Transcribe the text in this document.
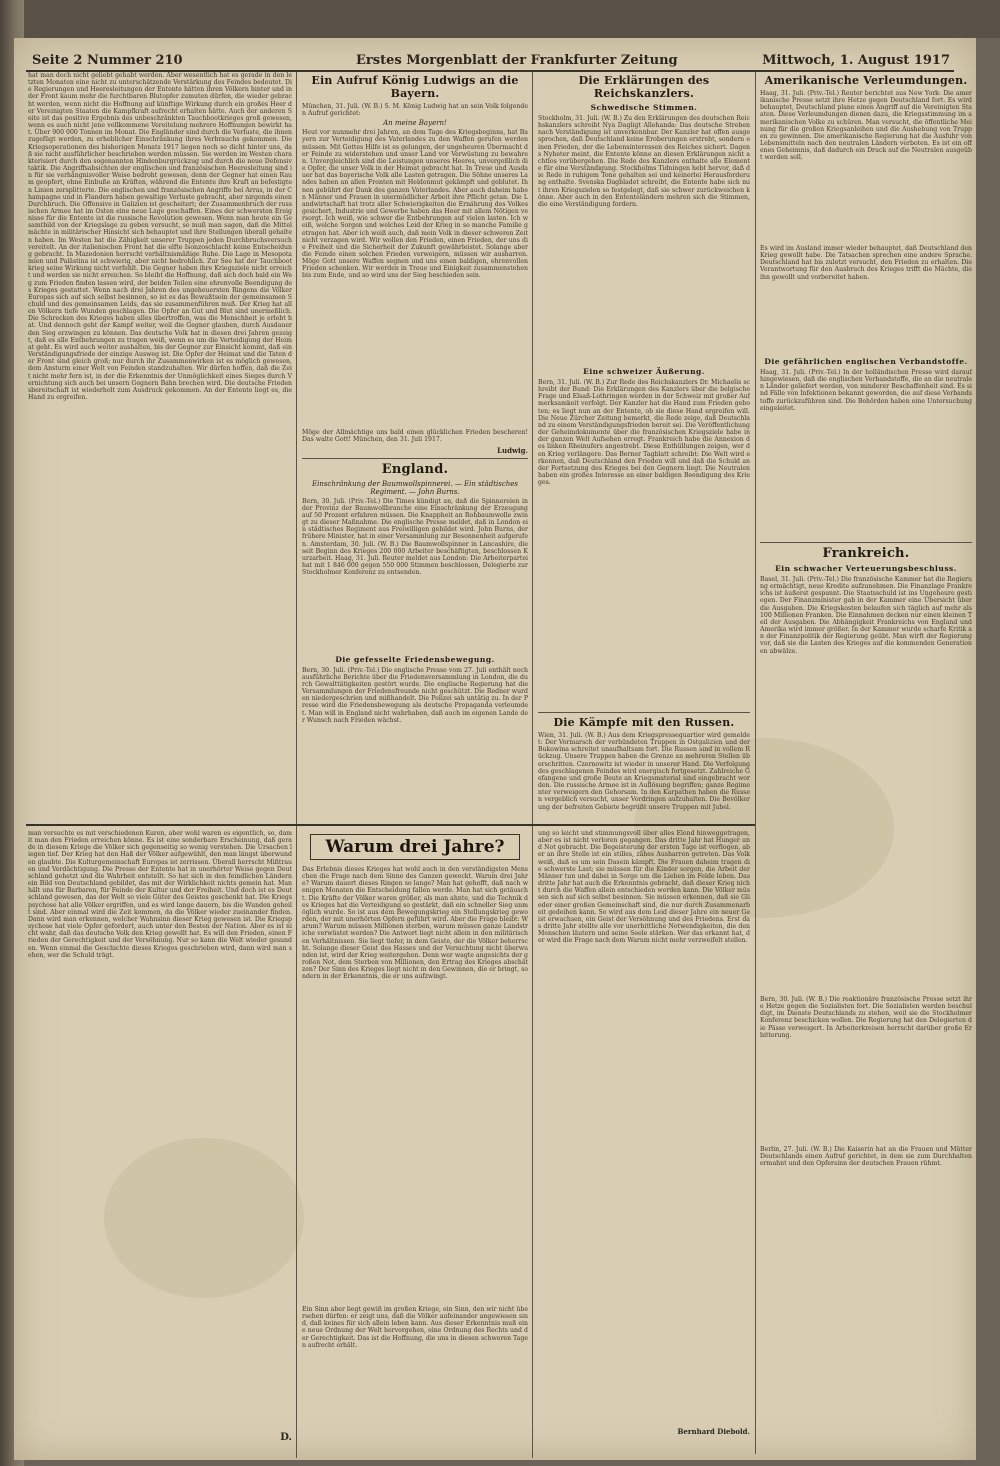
Seite 2 Nummer 210	Erstes Morgenblatt der Frankfurter Zeitung	Mittwoch, 1. August 1917

hat man doch nicht geliebt gehabt werden. Aber wesentlich hat es gerade in den letzten Monaten eine nicht zu unterschätzende Verstärkung des Feindes bedeutet. Die Regierungen und Heeresleitungen der Entente hätten ihren Völkern hinter und in der Front kaum mehr die furchtbaren Blutopfer zumuten dürfen, die wieder gebracht werden, wenn nicht die Hoffnung auf künftige Wirkung durch ein großes Heer der Vereinigten Staaten die Kampfkraft aufrecht erhalten hätte. Auch der anderen Seite ist das positive Ergebnis des unbeschränkten Tauchbootkrieges groß gewesen, wenn es auch nicht jene vollkommene Vereitelung mehrere Hoffnungen bewirkt hat. Über 900 000 Tonnen im Monat. Die Engländer sind durch die Verluste, die ihnen zugefügt werden, zu erheblicher Einschränkung ihres Verbrauchs gekommen. Die Kriegsoperationen des bisherigen Monats 1917 liegen noch so dicht hinter uns, daß sie nicht ausführlicher beschrieben werden müssen. Sie werden im Westen charakterisiert durch den sogenannten Hindenburgrückzug und durch die neue Defensivtaktik. Die Angriffsabsichten der englischen und französischen Heeresleitung sind in für sie verhängnisvoller Weise bedroht gewesen, denn der Gegner hat einen Raum geopfert, ohne Einbuße an Kräften, während die Entente ihre Kraft an befestigten Linien zersplitterte. Die englischen und französischen Angriffe bei Arras, in der Champagne und in Flandern haben gewaltige Verluste gebracht, aber nirgends einen Durchbruch. Die Offensive in Galizien ist gescheitert; der Zusammenbruch der russischen Armee hat im Osten eine neue Lage geschaffen. Eines der schwersten Ereignisse für die Entente ist die russische Revolution gewesen. Wenn man heute ein Gesamtbild von der Kriegslage zu geben versucht, so muß man sagen, daß die Mittelmächte in militärischer Hinsicht sich behauptet und ihre Stellungen überall gehalten haben. Im Westen hat die Zähigkeit unserer Truppen jeden Durchbruchsversuch vereitelt. An der italienischen Front hat die elfte Isonzoschlacht keine Entscheidung gebracht. In Mazedonien herrscht verhältnismäßige Ruhe. Die Lage in Mesopotamien und Palästina ist schwierig, aber nicht bedrohlich. Zur See hat der Tauchbootkrieg seine Wirkung nicht verfehlt. Die Gegner haben ihre Kriegsziele nicht erreicht und werden sie nicht erreichen. So bleibt die Hoffnung, daß sich doch bald ein Weg zum Frieden finden lassen wird, der beiden Teilen eine ehrenvolle Beendigung des Krieges gestattet. Wenn nach drei Jahren des ungeheuersten Ringens die Völker Europas sich auf sich selbst besinnen, so ist es das Bewußtsein der gemeinsamen Schuld und des gemeinsamen Leids, das sie zusammenführen muß. Der Krieg hat allen Völkern tiefe Wunden geschlagen. Die Opfer an Gut und Blut sind unermeßlich. Die Schrecken des Krieges haben alles übertroffen, was die Menschheit je erlebt hat. Und dennoch geht der Kampf weiter, weil die Gegner glauben, durch Ausdauer den Sieg erzwingen zu können. Das deutsche Volk hat in diesen drei Jahren gezeigt, daß es alle Entbehrungen zu tragen weiß, wenn es um die Verteidigung der Heimat geht. Es wird auch weiter aushalten, bis der Gegner zur Einsicht kommt, daß ein Verständigungsfriede der einzige Ausweg ist. Die Opfer der Heimat und die Taten der Front sind gleich groß; nur durch ihr Zusammenwirken ist es möglich gewesen, dem Ansturm einer Welt von Feinden standzuhalten. Wir dürfen hoffen, daß die Zeit nicht mehr fern ist, in der die Erkenntnis der Unmöglichkeit eines Sieges durch Vernichtung sich auch bei unsern Gegnern Bahn brechen wird. Die deutsche Friedensbereitschaft ist wiederholt zum Ausdruck gekommen. An der Entente liegt es, die Hand zu ergreifen.

Ein Aufruf König Ludwigs an die Bayern.

München, 31. Juli. (W. B.) S. M. König Ludwig hat an sein Volk folgenden Aufruf gerichtet:

An meine Bayern!

Heut vor nunmehr drei Jahren, an dem Tage des Kriegsbeginns, hat Bayern zur Verteidigung des Vaterlandes zu den Waffen gerufen werden müssen. Mit Gottes Hilfe ist es gelungen, der ungeheuren Übermacht der Feinde zu widerstehen und unser Land vor Verwüstung zu bewahren. Unvergleichlich sind die Leistungen unseres Heeres, unvergeßlich die Opfer, die unser Volk in der Heimat gebracht hat. In Treue und Ausdauer hat das bayerische Volk alle Lasten getragen. Die Söhne unseres Landes haben an allen Fronten mit Heldenmut gekämpft und geblutet. Ihnen gebührt der Dank des ganzen Vaterlandes. Aber auch daheim haben Männer und Frauen in unermüdlicher Arbeit ihre Pflicht getan. Die Landwirtschaft hat trotz aller Schwierigkeiten die Ernährung des Volkes gesichert, Industrie und Gewerbe haben das Heer mit allem Nötigen versorgt. Ich weiß, wie schwer die Entbehrungen auf vielen lasten. Ich weiß, welche Sorgen und welches Leid der Krieg in so manche Familie getragen hat. Aber ich weiß auch, daß mein Volk in dieser schweren Zeit nicht verzagen wird. Wir wollen den Frieden, einen Frieden, der uns die Freiheit und die Sicherheit der Zukunft gewährleistet. Solange aber die Feinde einen solchen Frieden verweigern, müssen wir ausharren. Möge Gott unsere Waffen segnen und uns einen baldigen, ehrenvollen Frieden schenken. Wir werden in Treue und Einigkeit zusammenstehen bis zum Ende, und so wird uns der Sieg beschieden sein.

Möge der Allmächtige uns bald einen glücklichen Frieden bescheren! Das walte Gott! München, den 31. Juli 1917.

Ludwig.
England.
Einschränkung der Baumwollspinnerei. — Ein städtisches Regiment. — John Burns.

Bern, 30. Juli. (Priv.-Tel.) Die Times kündigt an, daß die Spinnereien in der Provinz der Baumwollbranche eine Einschränkung der Erzeugung auf 50 Prozent erfahren müssen. Die Knappheit an Rohbaumwolle zwingt zu dieser Maßnahme. Die englische Presse meldet, daß in London ein städtisches Regiment aus Freiwilligen gebildet wird. John Burns, der frühere Minister, hat in einer Versammlung zur Besonnenheit aufgerufen. Amsterdam, 30. Juli. (W. B.) Die Baumwollspinner in Lancashire, die seit Beginn des Krieges 200 000 Arbeiter beschäftigten, beschlossen Kurzarbeit. Haag, 31. Juli. Reuter meldet aus London: Die Arbeiterpartei hat mit 1 846 000 gegen 550 000 Stimmen beschlossen, Delegierte zur Stockholmer Konferenz zu entsenden.

Die gefesselte Friedensbewegung.

Bern, 30. Juli. (Priv.-Tel.) Die englische Presse vom 27. Juli enthält noch ausführliche Berichte über die Friedensversammlung in London, die durch Gewalttätigkeiten gestört wurde. Die englische Regierung hat die Versammlungen der Friedensfreunde nicht geschützt. Die Redner wurden niedergeschrien und mißhandelt. Die Polizei sah untätig zu. In der Presse wird die Friedensbewegung als deutsche Propaganda verleumdet. Man will in England nicht wahrhaben, daß auch im eigenen Lande der Wunsch nach Frieden wächst.

Die Erklärungen des Reichskanzlers.
Schwedische Stimmen.

Stockholm, 31. Juli. (W. B.) Zu den Erklärungen des deutschen Reichskanzlers schreibt Nya Dagligt Allehanda: Das deutsche Streben nach Verständigung ist unverkennbar. Der Kanzler hat offen ausgesprochen, daß Deutschland keine Eroberungen erstrebt, sondern einen Frieden, der die Lebensinteressen des Reiches sichert. Dagens Nyheter meint, die Entente könne an diesen Erklärungen nicht achtlos vorübergehen. Die Rede des Kanzlers enthalte alle Elemente für eine Verständigung. Stockholms Tidningen hebt hervor, daß die Rede in ruhigem Tone gehalten sei und keinerlei Herausforderung enthalte. Svenska Dagbladet schreibt, die Entente habe sich mit ihren Kriegszielen so festgelegt, daß sie schwer zurückweichen könne. Aber auch in den Ententeländern mehren sich die Stimmen, die eine Verständigung fordern.

Eine schweizer Äußerung.

Bern, 31. Juli. (W. B.) Zur Rede des Reichskanzlers Dr. Michaelis schreibt der Bund: Die Erklärungen des Kanzlers über die belgische Frage und Elsaß-Lothringen werden in der Schweiz mit großer Aufmerksamkeit verfolgt. Der Kanzler hat die Hand zum Frieden geboten; es liegt nun an der Entente, ob sie diese Hand ergreifen will. Die Neue Zürcher Zeitung bemerkt, die Rede zeige, daß Deutschland zu einem Verständigungsfrieden bereit sei. Die Veröffentlichung der Geheimdokumente über die französischen Kriegsziele habe in der ganzen Welt Aufsehen erregt. Frankreich habe die Annexion des linken Rheinufers angestrebt. Diese Enthüllungen zeigen, wer den Krieg verlängere. Das Berner Tagblatt schreibt: Die Welt wird erkennen, daß Deutschland den Frieden will und daß die Schuld an der Fortsetzung des Krieges bei den Gegnern liegt. Die Neutralen haben ein großes Interesse an einer baldigen Beendigung des Krieges.

Die Kämpfe mit den Russen.

Wien, 31. Juli. (W. B.) Aus dem Kriegspressequartier wird gemeldet: Der Vormarsch der verbündeten Truppen in Ostgalizien und der Bukowina schreitet unaufhaltsam fort. Die Russen sind in vollem Rückzug. Unsere Truppen haben die Grenze an mehreren Stellen überschritten. Czernowitz ist wieder in unserer Hand. Die Verfolgung des geschlagenen Feindes wird energisch fortgesetzt. Zahlreiche Gefangene und große Beute an Kriegsmaterial sind eingebracht worden. Die russische Armee ist in Auflösung begriffen; ganze Regimenter verweigern den Gehorsam. In den Karpathen haben die Russen vergeblich versucht, unser Vordringen aufzuhalten. Die Bevölkerung der befreiten Gebiete begrüßt unsere Truppen mit Jubel.

Amerikanische Verleumdungen.

Haag, 31. Juli. (Priv.-Tel.) Reuter berichtet aus New York: Die amerikanische Presse setzt ihre Hetze gegen Deutschland fort. Es wird behauptet, Deutschland plane einen Angriff auf die Vereinigten Staaten. Diese Verleumdungen dienen dazu, die Kriegsstimmung im amerikanischen Volke zu schüren. Man versucht, die öffentliche Meinung für die großen Kriegsanleihen und die Aushebung von Truppen zu gewinnen. Die amerikanische Regierung hat die Ausfuhr von Lebensmitteln nach den neutralen Ländern verboten. Es ist ein offenes Geheimnis, daß dadurch ein Druck auf die Neutralen ausgeübt werden soll.

Es wird im Ausland immer wieder behauptet, daß Deutschland den Krieg gewollt habe. Die Tatsachen sprechen eine andere Sprache. Deutschland hat bis zuletzt versucht, den Frieden zu erhalten. Die Verantwortung für den Ausbruch des Krieges trifft die Mächte, die ihn gewollt und vorbereitet haben.

Die gefährlichen englischen Verbandstoffe.

Haag, 31. Juli. (Priv.-Tel.) In der holländischen Presse wird darauf hingewiesen, daß die englischen Verbandstoffe, die an die neutralen Länder geliefert werden, von minderer Beschaffenheit sind. Es sind Fälle von Infektionen bekannt geworden, die auf diese Verbandstoffe zurückzuführen sind. Die Behörden haben eine Untersuchung eingeleitet.

Frankreich.
Ein schwacher Verteuerungsbeschluss.

Basel, 31. Juli. (Priv.-Tel.) Die französische Kammer hat die Regierung ermächtigt, neue Kredite aufzunehmen. Die Finanzlage Frankreichs ist äußerst gespannt. Die Staatsschuld ist ins Ungeheure gestiegen. Der Finanzminister gab in der Kammer eine Übersicht über die Ausgaben. Die Kriegskosten belaufen sich täglich auf mehr als 100 Millionen Franken. Die Einnahmen decken nur einen kleinen Teil der Ausgaben. Die Abhängigkeit Frankreichs von England und Amerika wird immer größer. In der Kammer wurde scharfe Kritik an der Finanzpolitik der Regierung geübt. Man wirft der Regierung vor, daß sie die Lasten des Krieges auf die kommenden Generationen abwälze.

Bern, 30. Juli. (W. B.) Die reaktionäre französische Presse setzt ihre Hetze gegen die Sozialisten fort. Die Sozialisten werden beschuldigt, im Dienste Deutschlands zu stehen, weil sie die Stockholmer Konferenz beschicken wollen. Die Regierung hat den Delegierten die Pässe verweigert. In Arbeiterkreisen herrscht darüber große Erbitterung.

Berlin, 27. Juli. (W. B.) Die Kaiserin hat an die Frauen und Mütter Deutschlands einen Aufruf gerichtet, in dem sie zum Durchhalten ermahnt und den Opfersinn der deutschen Frauen rühmt.

man versuchte es mit verschiedenen Kuren, aber wohl waren es eigentlich, so, damit man den Frieden erreichen könne. Es ist eine sonderbare Erscheinung, daß gerade in diesem Kriege die Völker sich gegenseitig so wenig verstehen. Die Ursachen liegen tief. Der Krieg hat den Haß der Völker aufgewühlt, den man längst überwunden glaubte. Die Kulturgemeinschaft Europas ist zerrissen. Überall herrscht Mißtrauen und Verdächtigung. Die Presse der Entente hat in unerhörter Weise gegen Deutschland gehetzt und die Wahrheit entstellt. So hat sich in den feindlichen Ländern ein Bild von Deutschland gebildet, das mit der Wirklichkeit nichts gemein hat. Man hält uns für Barbaren, für Feinde der Kultur und der Freiheit. Und doch ist es Deutschland gewesen, das der Welt so viele Güter des Geistes geschenkt hat. Die Kriegspsychose hat alle Völker ergriffen, und es wird lange dauern, bis die Wunden geheilt sind. Aber einmal wird die Zeit kommen, da die Völker wieder zueinander finden. Dann wird man erkennen, welcher Wahnsinn dieser Krieg gewesen ist. Die Kriegspsychose hat viele Opfer gefordert, auch unter den Besten der Nation. Aber es ist nicht wahr, daß das deutsche Volk den Krieg gewollt hat. Es will den Frieden, einen Frieden der Gerechtigkeit und der Versöhnung. Nur so kann die Welt wieder gesunden. Wenn einmal die Geschichte dieses Krieges geschrieben wird, dann wird man sehen, wer die Schuld trägt.

D.
Warum drei Jahre?

Das Erlebnis dieses Krieges hat wohl auch in den verständigsten Menschen die Frage nach dem Sinne des Ganzen geweckt. Warum drei Jahre? Warum dauert dieses Ringen so lange? Man hat gehofft, daß nach wenigen Monaten die Entscheidung fallen werde. Man hat sich getäuscht. Die Kräfte der Völker waren größer, als man ahnte, und die Technik des Krieges hat die Verteidigung so gestärkt, daß ein schneller Sieg unmöglich wurde. So ist aus dem Bewegungskrieg ein Stellungskrieg geworden, der mit unerhörten Opfern geführt wird. Aber die Frage bleibt: Warum? Warum müssen Millionen sterben, warum müssen ganze Landstriche verwüstet werden? Die Antwort liegt nicht allein in den militärischen Verhältnissen. Sie liegt tiefer, in dem Geiste, der die Völker beherrscht. Solange dieser Geist des Hasses und der Vernichtung nicht überwunden ist, wird der Krieg weitergehen. Denn wer wagte angesichts der großen Not, dem Sterben von Millionen, den Ertrag des Krieges abschätzen? Der Sinn des Krieges liegt nicht in den Gewinnen, die er bringt, sondern in der Erkenntnis, die er uns aufzwingt.

Ein Sinn aber liegt gewiß im großen Kriege, ein Sinn, den wir nicht übersehen dürfen: er zeigt uns, daß die Völker aufeinander angewiesen sind, daß keines für sich allein leben kann. Aus dieser Erkenntnis muß eine neue Ordnung der Welt hervorgehen, eine Ordnung des Rechts und der Gerechtigkeit. Das ist die Hoffnung, die uns in diesen schweren Tagen aufrecht erhält.

ung so leicht und stimmungsvoll über alles Elend hinweggetragen, aber es ist nicht verloren gegangen. Das dritte Jahr hat Hunger und Not gebracht. Die Begeisterung der ersten Tage ist verflogen, aber an ihre Stelle ist ein stilles, zähes Ausharren getreten. Das Volk weiß, daß es um sein Dasein kämpft. Die Frauen daheim tragen die schwerste Last; sie müssen für die Kinder sorgen, die Arbeit der Männer tun und dabei in Sorge um die Lieben im Felde leben. Das dritte Jahr hat auch die Erkenntnis gebracht, daß dieser Krieg nicht durch die Waffen allein entschieden werden kann. Die Völker müssen sich auf sich selbst besinnen. Sie müssen erkennen, daß sie Glieder einer großen Gemeinschaft sind, die nur durch Zusammenarbeit gedeihen kann. So wird aus dem Leid dieser Jahre ein neuer Geist erwachsen, ein Geist der Versöhnung und des Friedens. Erst das dritte Jahr stellte alle vor unerbittliche Notwendigkeiten, die den Menschen läutern und seine Seele stärken. Wer das erkannt hat, der wird die Frage nach dem Warum nicht mehr verzweifelt stellen.

Bernhard Diebold.
